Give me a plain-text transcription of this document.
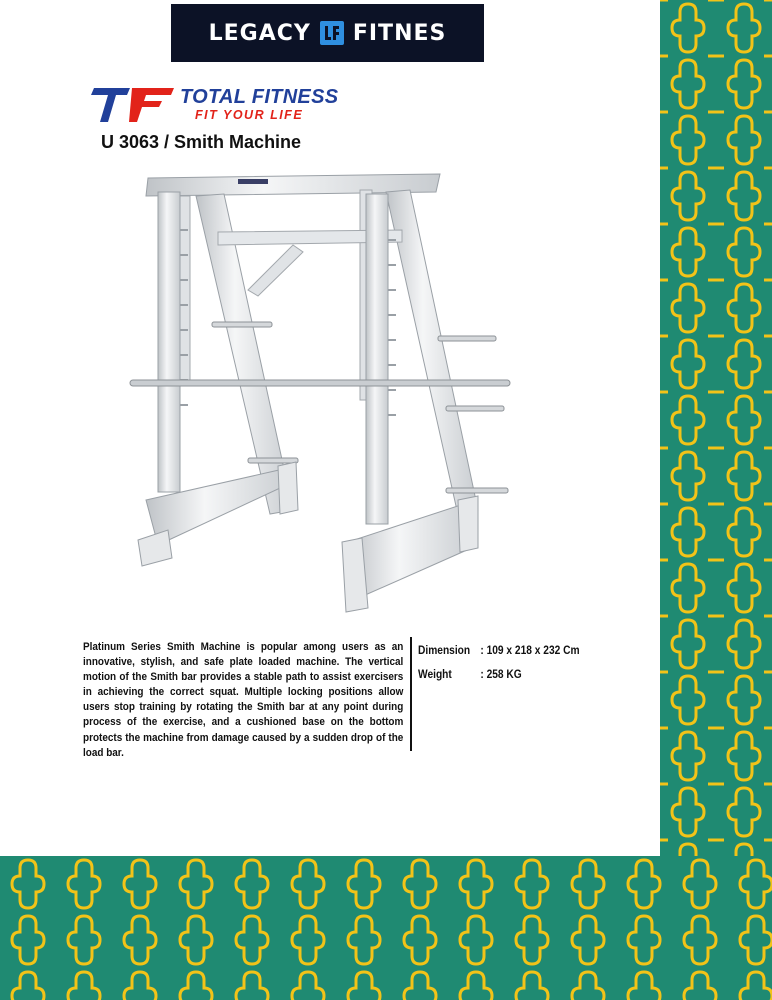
LEGACY FITNES
TOTAL FITNESS
FIT YOUR LIFE
U 3063 / Smith Machine
Platinum Series Smith Machine is popular among users as an innovative, stylish, and safe plate loaded machine. The vertical motion of the Smith bar provides a stable path to assist exercisers in achieving the correct squat. Multiple locking positions allow users stop training by rotating the Smith bar at any point during process of the exercise, and a cushioned base on the bottom protects the machine from damage caused by a sudden drop of the load bar.
Dimension : 109 x 218 x 232 Cm
Weight : 258 KG
